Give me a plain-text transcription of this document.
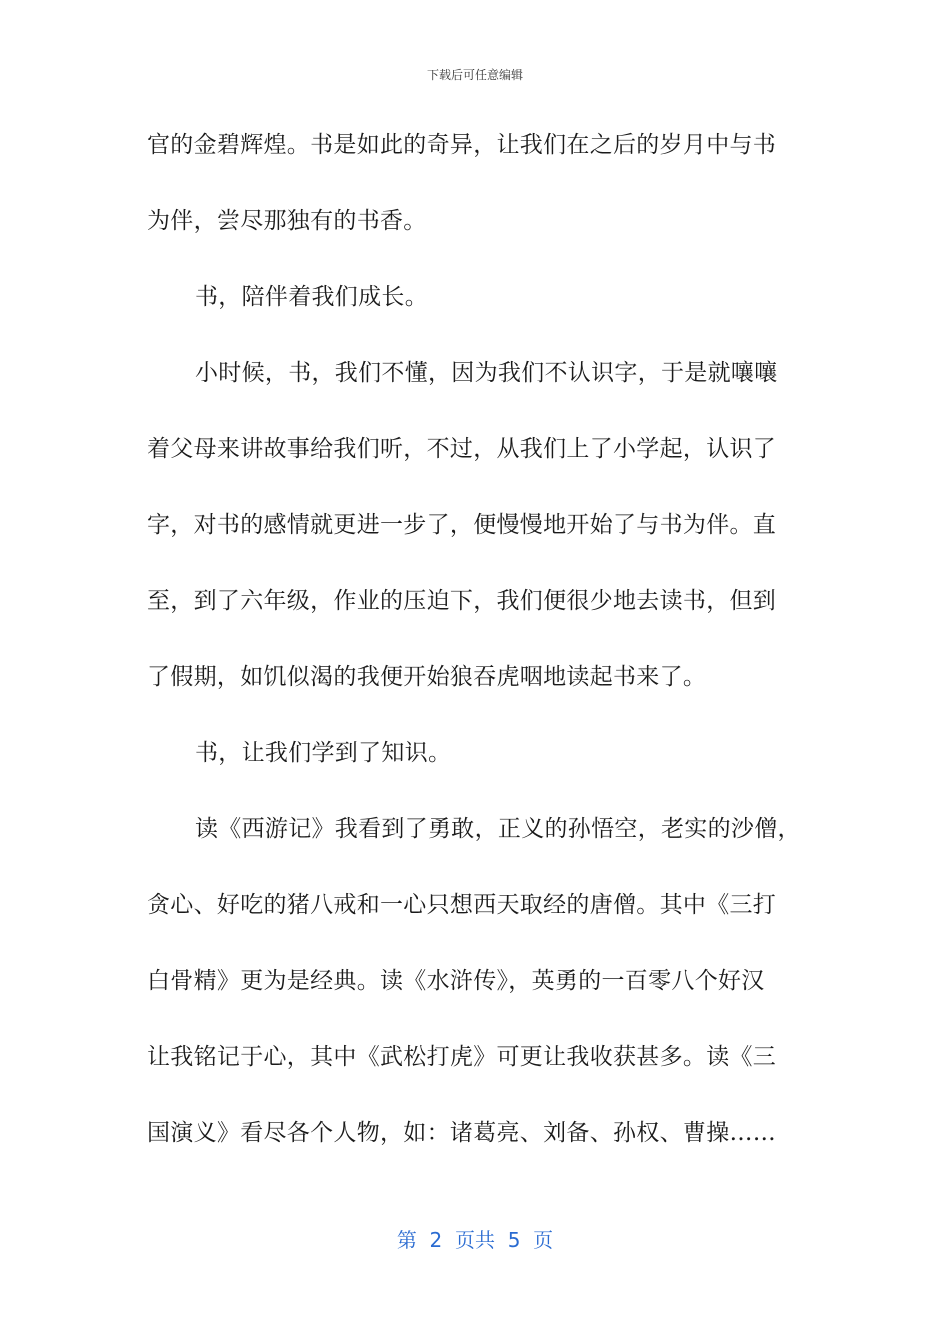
下载后可任意编辑
官的金碧辉煌。书是如此的奇异，让我们在之后的岁月中与书
为伴，尝尽那独有的书香。
书，陪伴着我们成长。
小时候，书，我们不懂，因为我们不认识字，于是就嚷嚷
着父母来讲故事给我们听，不过，从我们上了小学起，认识了
字，对书的感情就更进一步了，便慢慢地开始了与书为伴。直
至，到了六年级，作业的压迫下，我们便很少地去读书，但到
了假期，如饥似渴的我便开始狼吞虎咽地读起书来了。
书，让我们学到了知识。
读《西游记》我看到了勇敢，正义的孙悟空，老实的沙僧，
贪心、好吃的猪八戒和一心只想西天取经的唐僧。其中《三打
白骨精》更为是经典。读《水浒传》，英勇的一百零八个好汉
让我铭记于心，其中《武松打虎》可更让我收获甚多。读《三
国演义》看尽各个人物，如：诸葛亮、刘备、孙权、曹操……
第  2  页共  5  页
